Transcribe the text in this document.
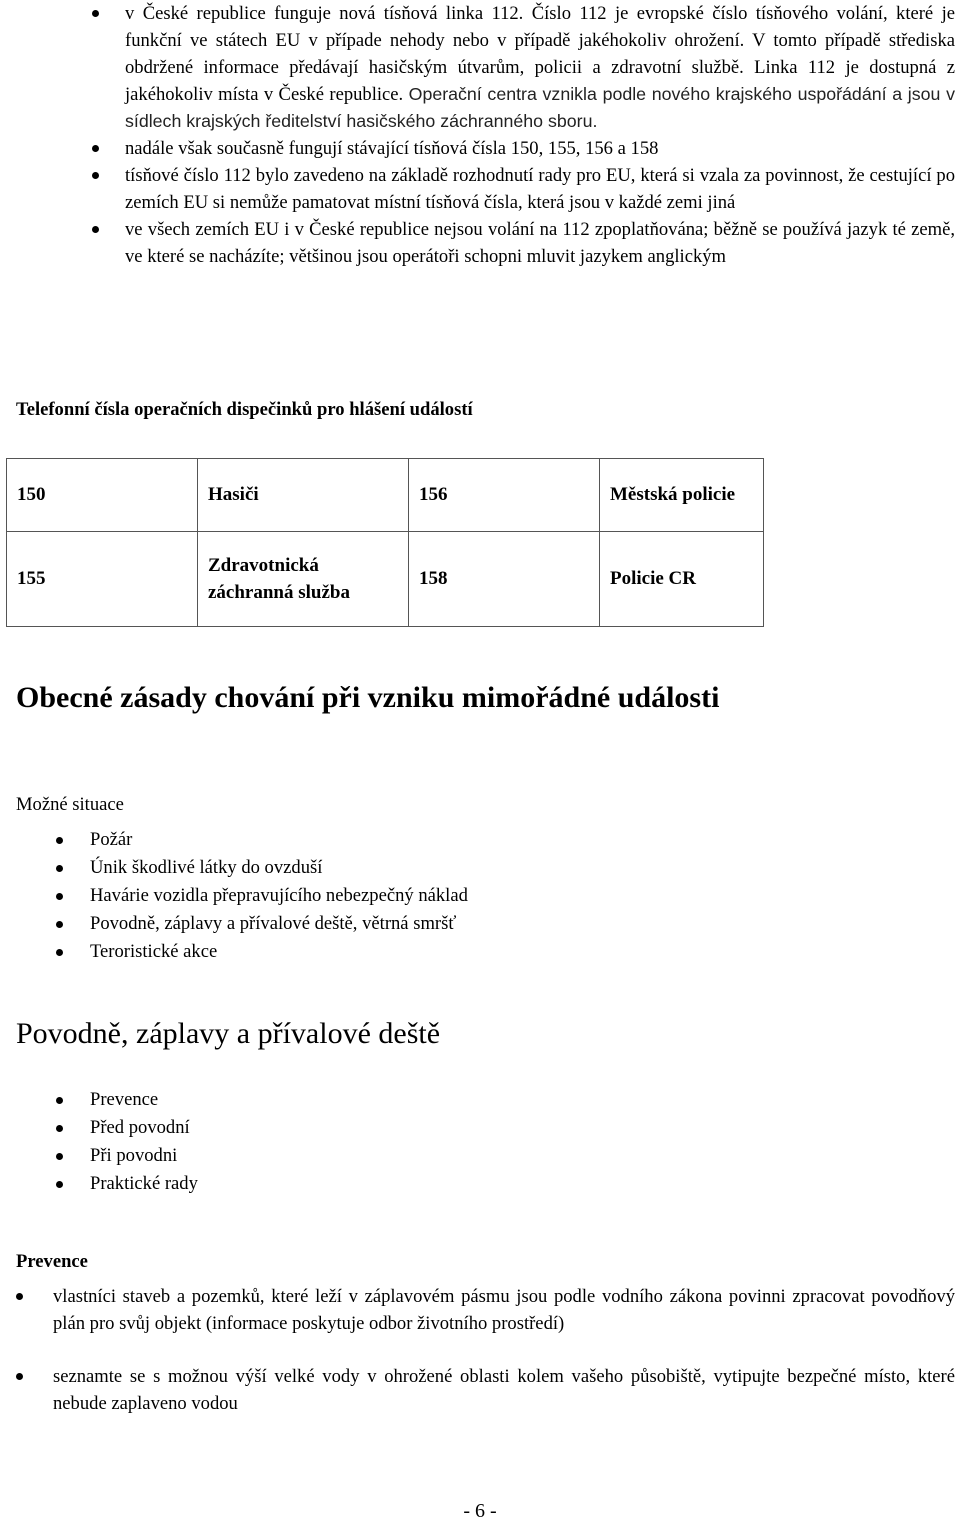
v České republice funguje nová tísňová linka 112. Číslo 112 je evropské číslo tísňového volání, které je funkční ve státech EU v případe nehody nebo v případě jakéhokoliv ohrožení. V tomto případě střediska obdržené informace předávají hasičským útvarům, policii a zdravotní službě. Linka 112 je dostupná z jakéhokoliv místa v České republice. Operační centra vznikla podle nového krajského uspořádání a jsou v sídlech krajských ředitelství hasičského záchranného sboru.
nadále však současně fungují stávající tísňová čísla 150, 155, 156 a 158
tísňové číslo 112 bylo zavedeno na základě rozhodnutí rady pro EU, která si vzala za povinnost, že cestující po zemích EU si nemůže pamatovat místní tísňová čísla, která jsou v každé zemi jiná
ve všech zemích EU i v České republice nejsou volání na 112 zpoplatňována; běžně se používá jazyk té země, ve které se nacházíte; většinou jsou operátoři schopni mluvit jazykem anglickým
Telefonní čísla operačních dispečinků pro hlášení událostí
150	Hasiči	156	Městská policie
155	Zdravotnická záchranná služba	158	Policie CR
Obecné zásady chování při vzniku mimořádné události
Možné situace
Požár
Únik škodlivé látky do ovzduší
Havárie vozidla přepravujícího nebezpečný náklad
Povodně, záplavy a přívalové deště, větrná smršť
Teroristické akce
Povodně, záplavy a přívalové deště
Prevence
Před povodní
Při povodni
Praktické rady
Prevence
vlastníci staveb a pozemků, které leží v záplavovém pásmu jsou podle vodního zákona povinni zpracovat povodňový plán pro svůj objekt (informace poskytuje odbor životního prostředí)
seznamte se s možnou výší velké vody v ohrožené oblasti kolem vašeho působiště, vytipujte bezpečné místo, které nebude zaplaveno vodou
- 6 -
